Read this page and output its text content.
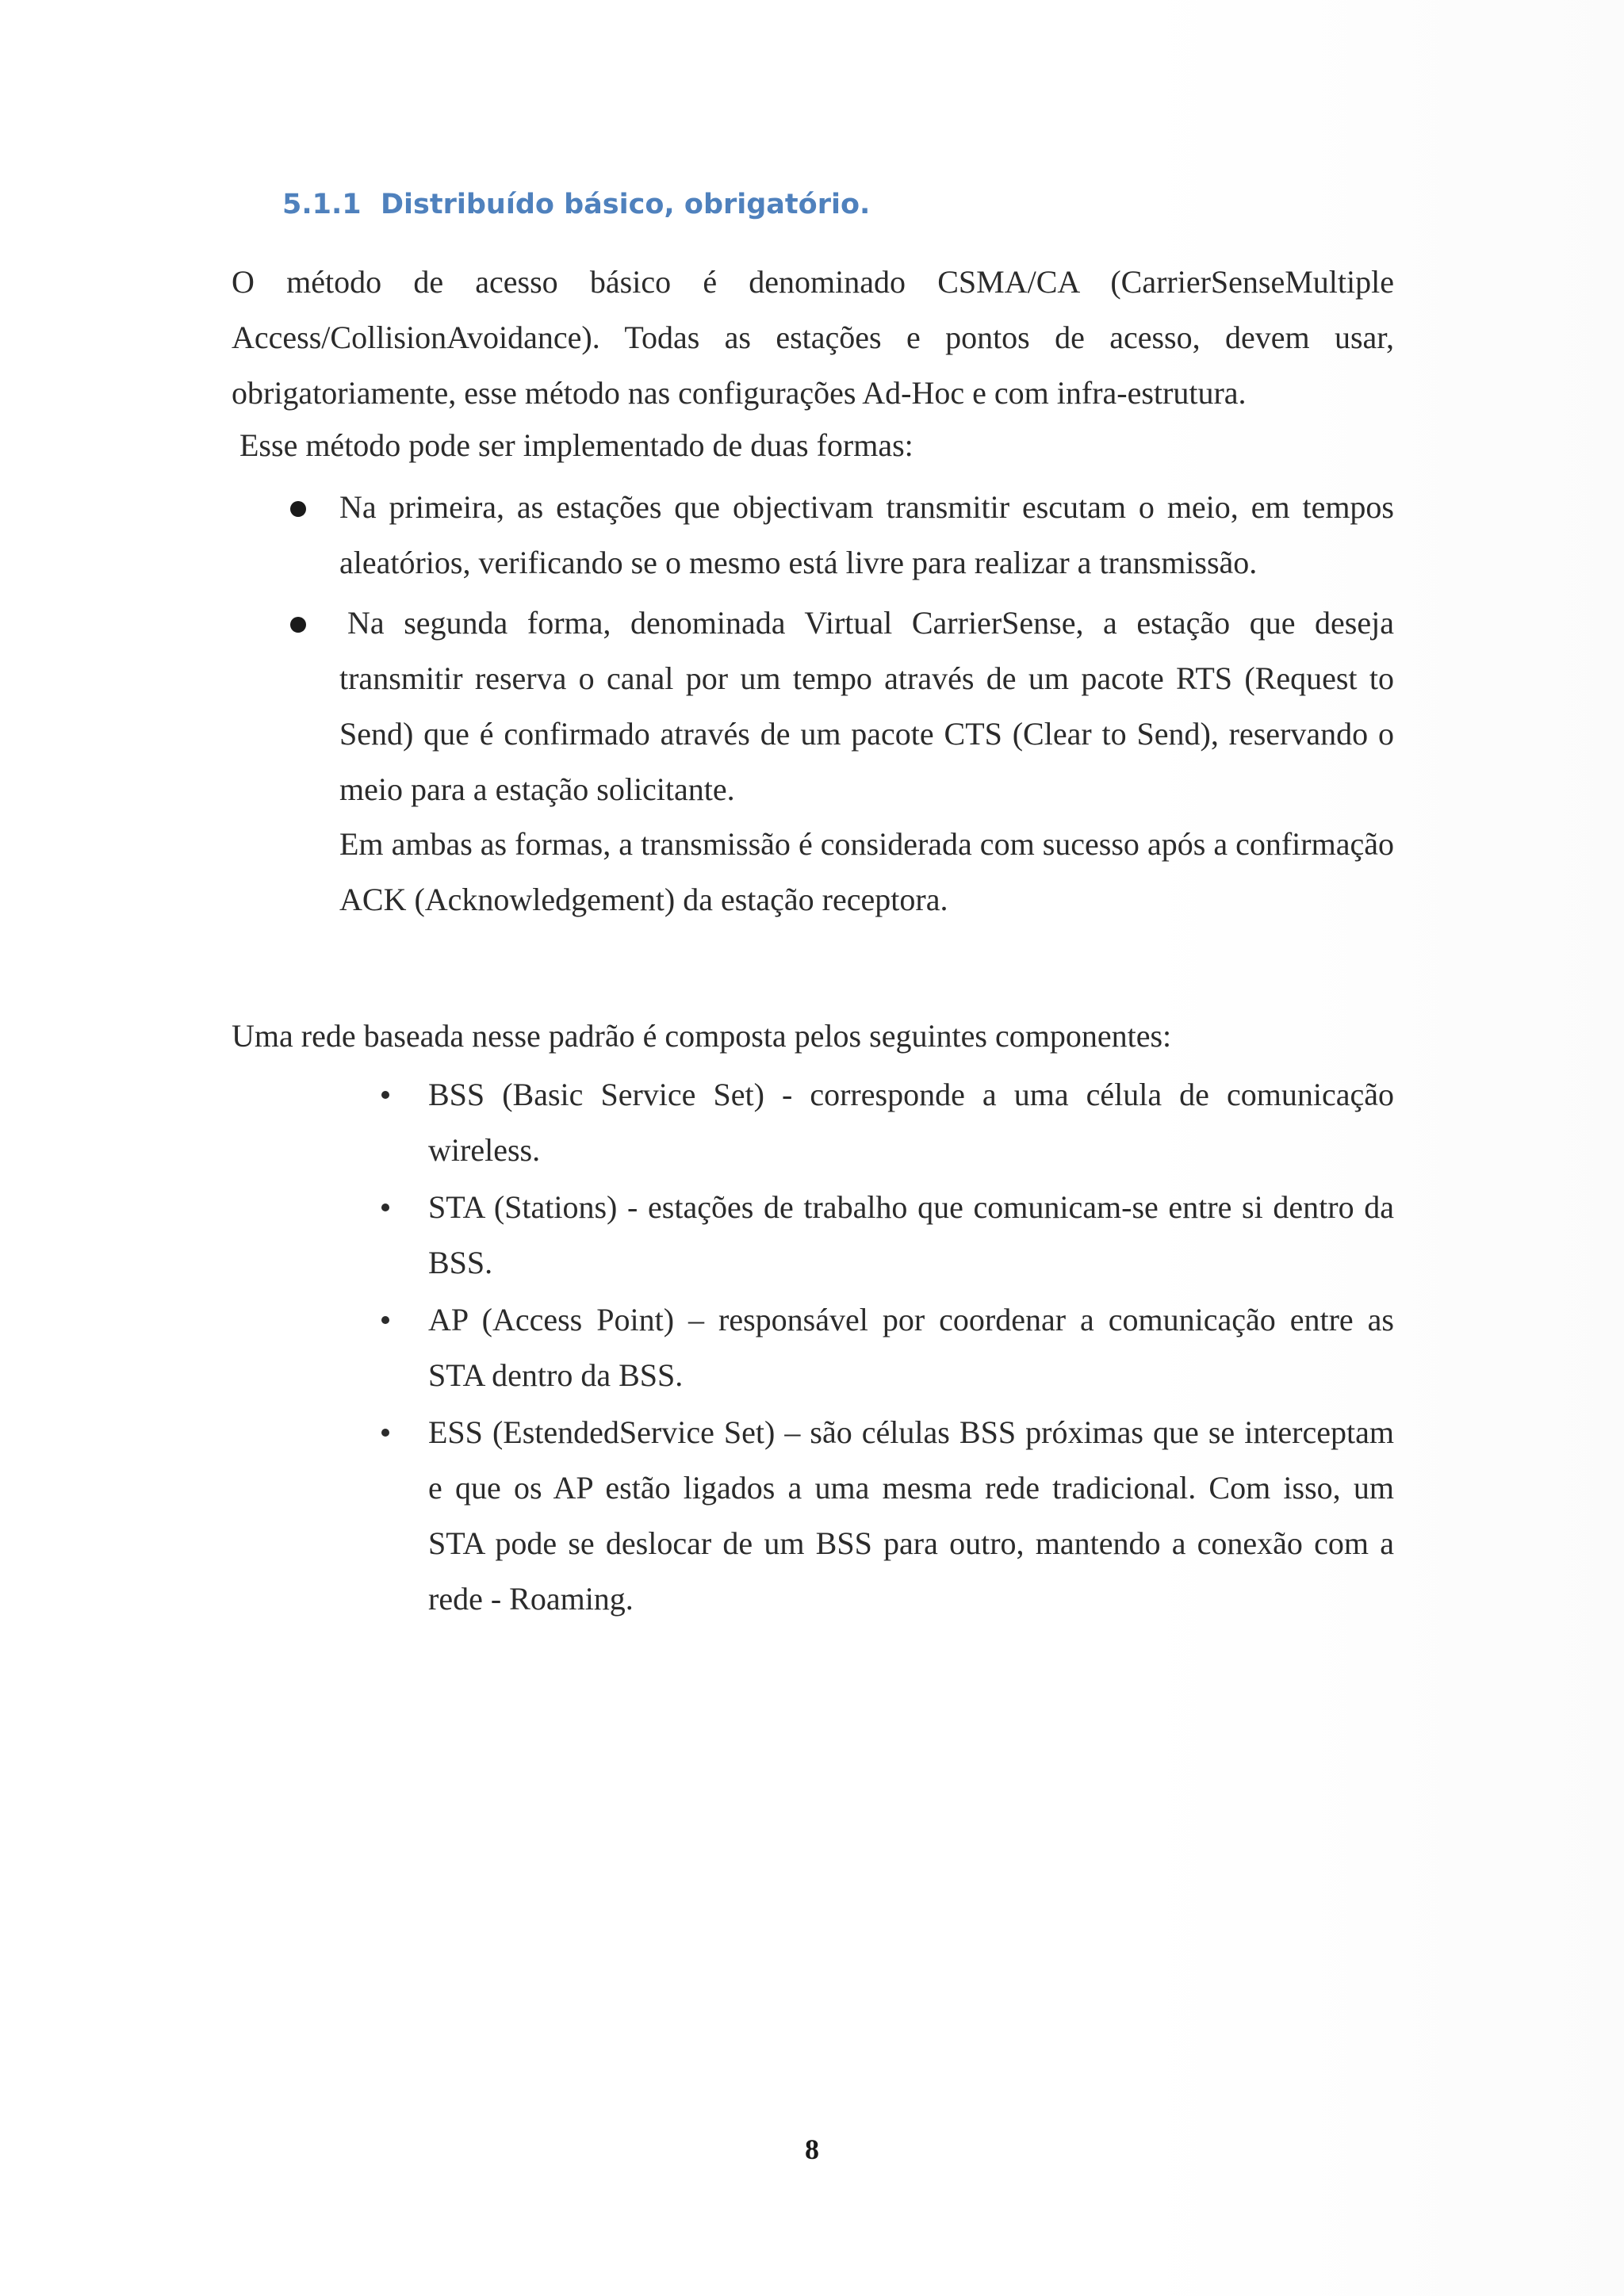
5.1.1 Distribuído básico, obrigatório.

O método de acesso básico é denominado CSMA/CA (CarrierSenseMultiple Access/CollisionAvoidance). Todas as estações e pontos de acesso, devem usar, obrigatoriamente, esse método nas configurações Ad-Hoc e com infra-estrutura.

Esse método pode ser implementado de duas formas:

Na primeira, as estações que objectivam transmitir escutam o meio, em tempos aleatórios, verificando se o mesmo está livre para realizar a transmissão.

Na segunda forma, denominada Virtual CarrierSense, a estação que deseja transmitir reserva o canal por um tempo através de um pacote RTS (Request to Send) que é confirmado através de um pacote CTS (Clear to Send), reservando o meio para a estação solicitante.

Em ambas as formas, a transmissão é considerada com sucesso após a confirmação ACK (Acknowledgement) da estação receptora.

Uma rede baseada nesse padrão é composta pelos seguintes componentes:

BSS (Basic Service Set) - corresponde a uma célula de comunicação wireless.

STA (Stations) - estações de trabalho que comunicam-se entre si dentro da BSS.

AP (Access Point) – responsável por coordenar a comunicação entre as STA dentro da BSS.

ESS (EstendedService Set) – são células BSS próximas que se interceptam e que os AP estão ligados a uma mesma rede tradicional. Com isso, um STA pode se deslocar de um BSS para outro, mantendo a conexão com a rede - Roaming.

8
